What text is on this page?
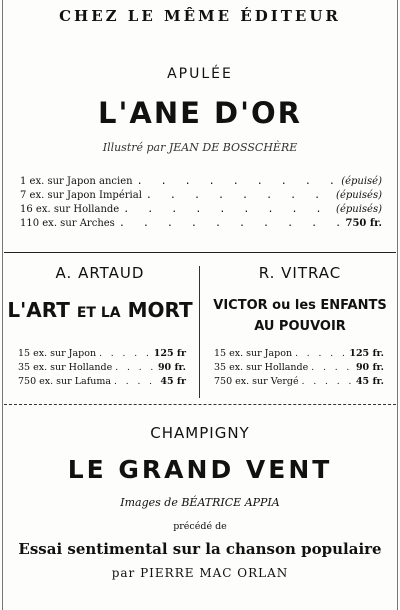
CHEZ LE MÊME ÉDITEUR
APULÉE
L'ANE D'OR
Illustré par JEAN DE BOSSCHÈRE
1 ex. sur Japon ancien . . .	(épuisé)
7 ex. sur Japon Impérial . . .	(épuisés)
16 ex. sur Hollande . . .	(épuisés)
110 ex. sur Arches . . .	750 fr.
A. ARTAUD
L'ART ET LA MORT
15 ex. sur Japon . . .	125 fr
35 ex. sur Hollande . . .	90 fr.
750 ex. sur Lafuma . . .	45 fr
R. VITRAC
VICTOR ou les ENFANTS
AU POUVOIR
15 ex. sur Japon . . .	125 fr.
35 ex. sur Hollande . . .	90 fr.
750 ex. sur Vergé . . .	45 fr.
CHAMPIGNY
LE GRAND VENT
Images de BÉATRICE APPIA
précédé de
Essai sentimental sur la chanson populaire
par PIERRE MAC ORLAN
